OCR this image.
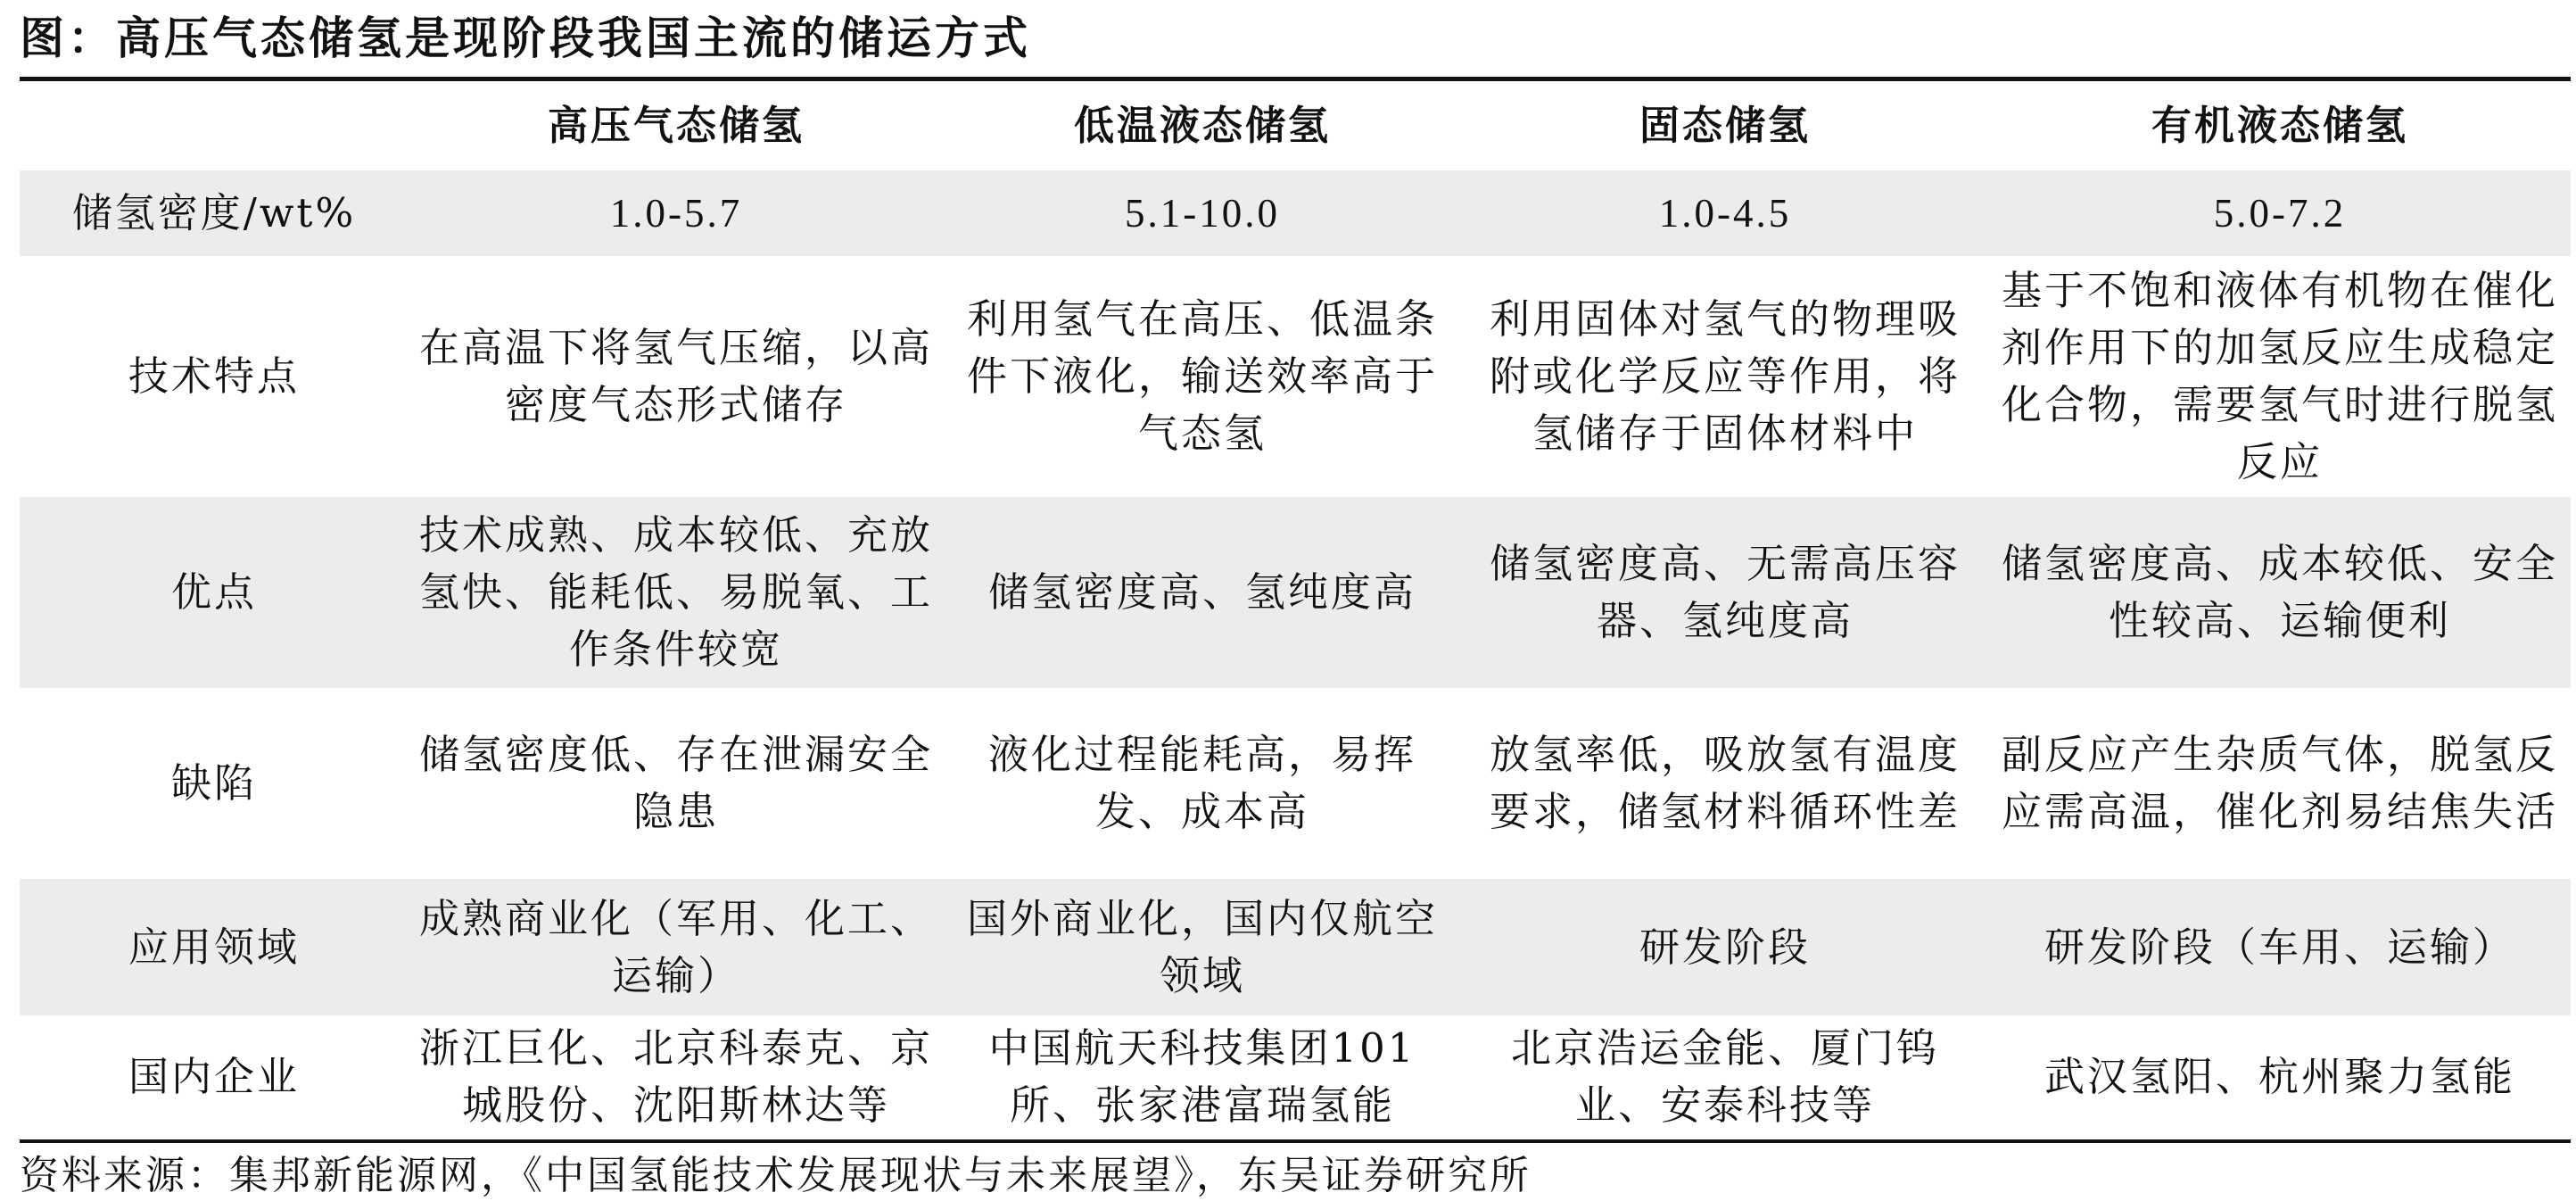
图：高压气态储氢是现阶段我国主流的储运方式
	高压气态储氢	低温液态储氢	固态储氢	有机液态储氢
储氢密度/wt%	1.0-5.7	5.1-10.0	1.0-4.5	5.0-7.2
技术特点	在高温下将氢气压缩，以高密度气态形式储存	利用氢气在高压、低温条件下液化，输送效率高于气态氢	利用固体对氢气的物理吸附或化学反应等作用，将氢储存于固体材料中	基于不饱和液体有机物在催化剂作用下的加氢反应生成稳定化合物，需要氢气时进行脱氢反应
优点	技术成熟、成本较低、充放氢快、能耗低、易脱氧、工作条件较宽	储氢密度高、氢纯度高	储氢密度高、无需高压容器、氢纯度高	储氢密度高、成本较低、安全性较高、运输便利
缺陷	储氢密度低、存在泄漏安全隐患	液化过程能耗高，易挥发、成本高	放氢率低，吸放氢有温度要求，储氢材料循环性差	副反应产生杂质气体，脱氢反应需高温，催化剂易结焦失活
应用领域	成熟商业化（军用、化工、运输）	国外商业化，国内仅航空领域	研发阶段	研发阶段（车用、运输）
国内企业	浙江巨化、北京科泰克、京城股份、沈阳斯林达等	中国航天科技集团101所、张家港富瑞氢能	北京浩运金能、厦门钨业、安泰科技等	武汉氢阳、杭州聚力氢能
资料来源：集邦新能源网，《中国氢能技术发展现状与未来展望》，东吴证券研究所
